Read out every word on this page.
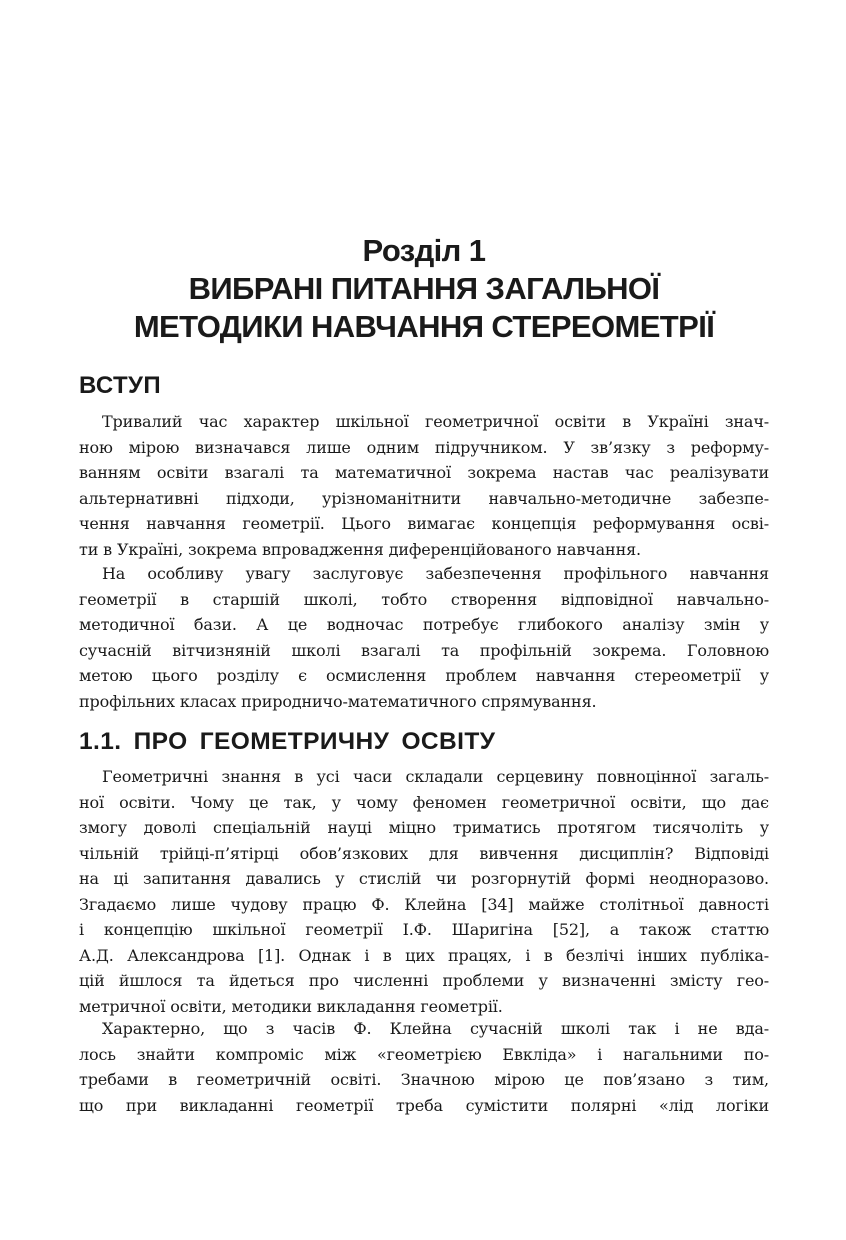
Розділ 1
ВИБРАНІ ПИТАННЯ ЗАГАЛЬНОЇ
МЕТОДИКИ НАВЧАННЯ СТЕРЕОМЕТРІЇ
ВСТУП
Тривалий час характер шкільної геометричної освіти в Україні знач-
ною мірою визначався лише одним підручником. У зв’язку з реформу-
ванням освіти взагалі та математичної зокрема настав час реалізувати
альтернативні підходи, урізноманітнити навчально-методичне забезпе-
чення навчання геометрії. Цього вимагає концепція реформування осві-
ти в Україні, зокрема впровадження диференційованого навчання.
На особливу увагу заслуговує забезпечення профільного навчання
геометрії в старшій школі, тобто створення відповідної навчально-
методичної бази. А це водночас потребує глибокого аналізу змін у
сучасній вітчизняній школі взагалі та профільній зокрема. Головною
метою цього розділу є осмислення проблем навчання стереометрії у
профільних класах природничо-математичного спрямування.
1.1. ПРО ГЕОМЕТРИЧНУ ОСВІТУ
Геометричні знання в усі часи складали серцевину повноцінної загаль-
ної освіти. Чому це так, у чому феномен геометричної освіти, що дає
змогу доволі спеціальній науці міцно триматись протягом тисячоліть у
чільній трійці-п’ятірці обов’язкових для вивчення дисциплін? Відповіді
на ці запитання давались у стислій чи розгорнутій формі неодноразово.
Згадаємо лише чудову працю Ф. Клейна [34] майже столітньої давності
і концепцію шкільної геометрії І.Ф. Шаригіна [52], а також статтю
А.Д. Александрова [1]. Однак і в цих працях, і в безлічі інших публіка-
цій йшлося та йдеться про численні проблеми у визначенні змісту гео-
метричної освіти, методики викладання геометрії.
Характерно, що з часів Ф. Клейна сучасній школі так і не вда-
лось знайти компроміс між «геометрією Евкліда» і нагальними по-
требами в геометричній освіті. Значною мірою це пов’язано з тим,
що при викладанні геометрії треба сумістити полярні «лід логіки
